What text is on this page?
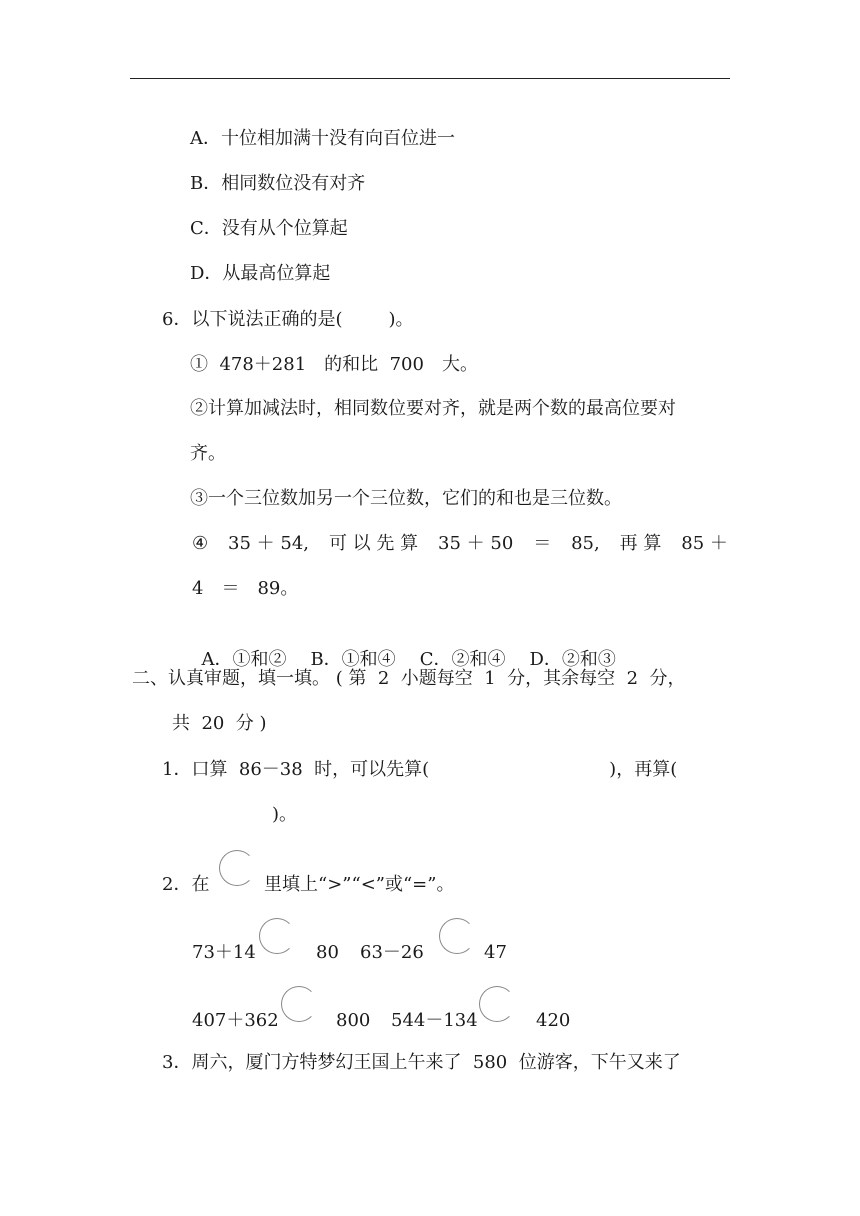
A．十位相加满十没有向百位进一
B．相同数位没有对齐
C．没有从个位算起
D．从最高位算起
6．以下说法正确的是(	)。
①  478＋281　的和比  700　大。
②计算加减法时，相同数位要对齐，就是两个数的最高位要对
齐。
③一个三位数加另一个三位数，它们的和也是三位数。
④ 35 ＋ 54, 可 以 先 算 35 ＋ 50 ＝ 85, 再 算 85 ＋
4　＝　89。

A．①和② B．①和④ C．②和④ D．②和③

二、认真审题，填一填。 ( 第  2  小题每空  1  分，其余每空  2  分，
共  20  分 )
1．口算  86－38  时，可以先算(	)，再算(
)。
2．在	里填上“>”“<”或“=”。
73＋14	80 63－26	47
407＋362	800 544－134	420
3．周六，厦门方特梦幻王国上午来了  580  位游客，下午又来了
